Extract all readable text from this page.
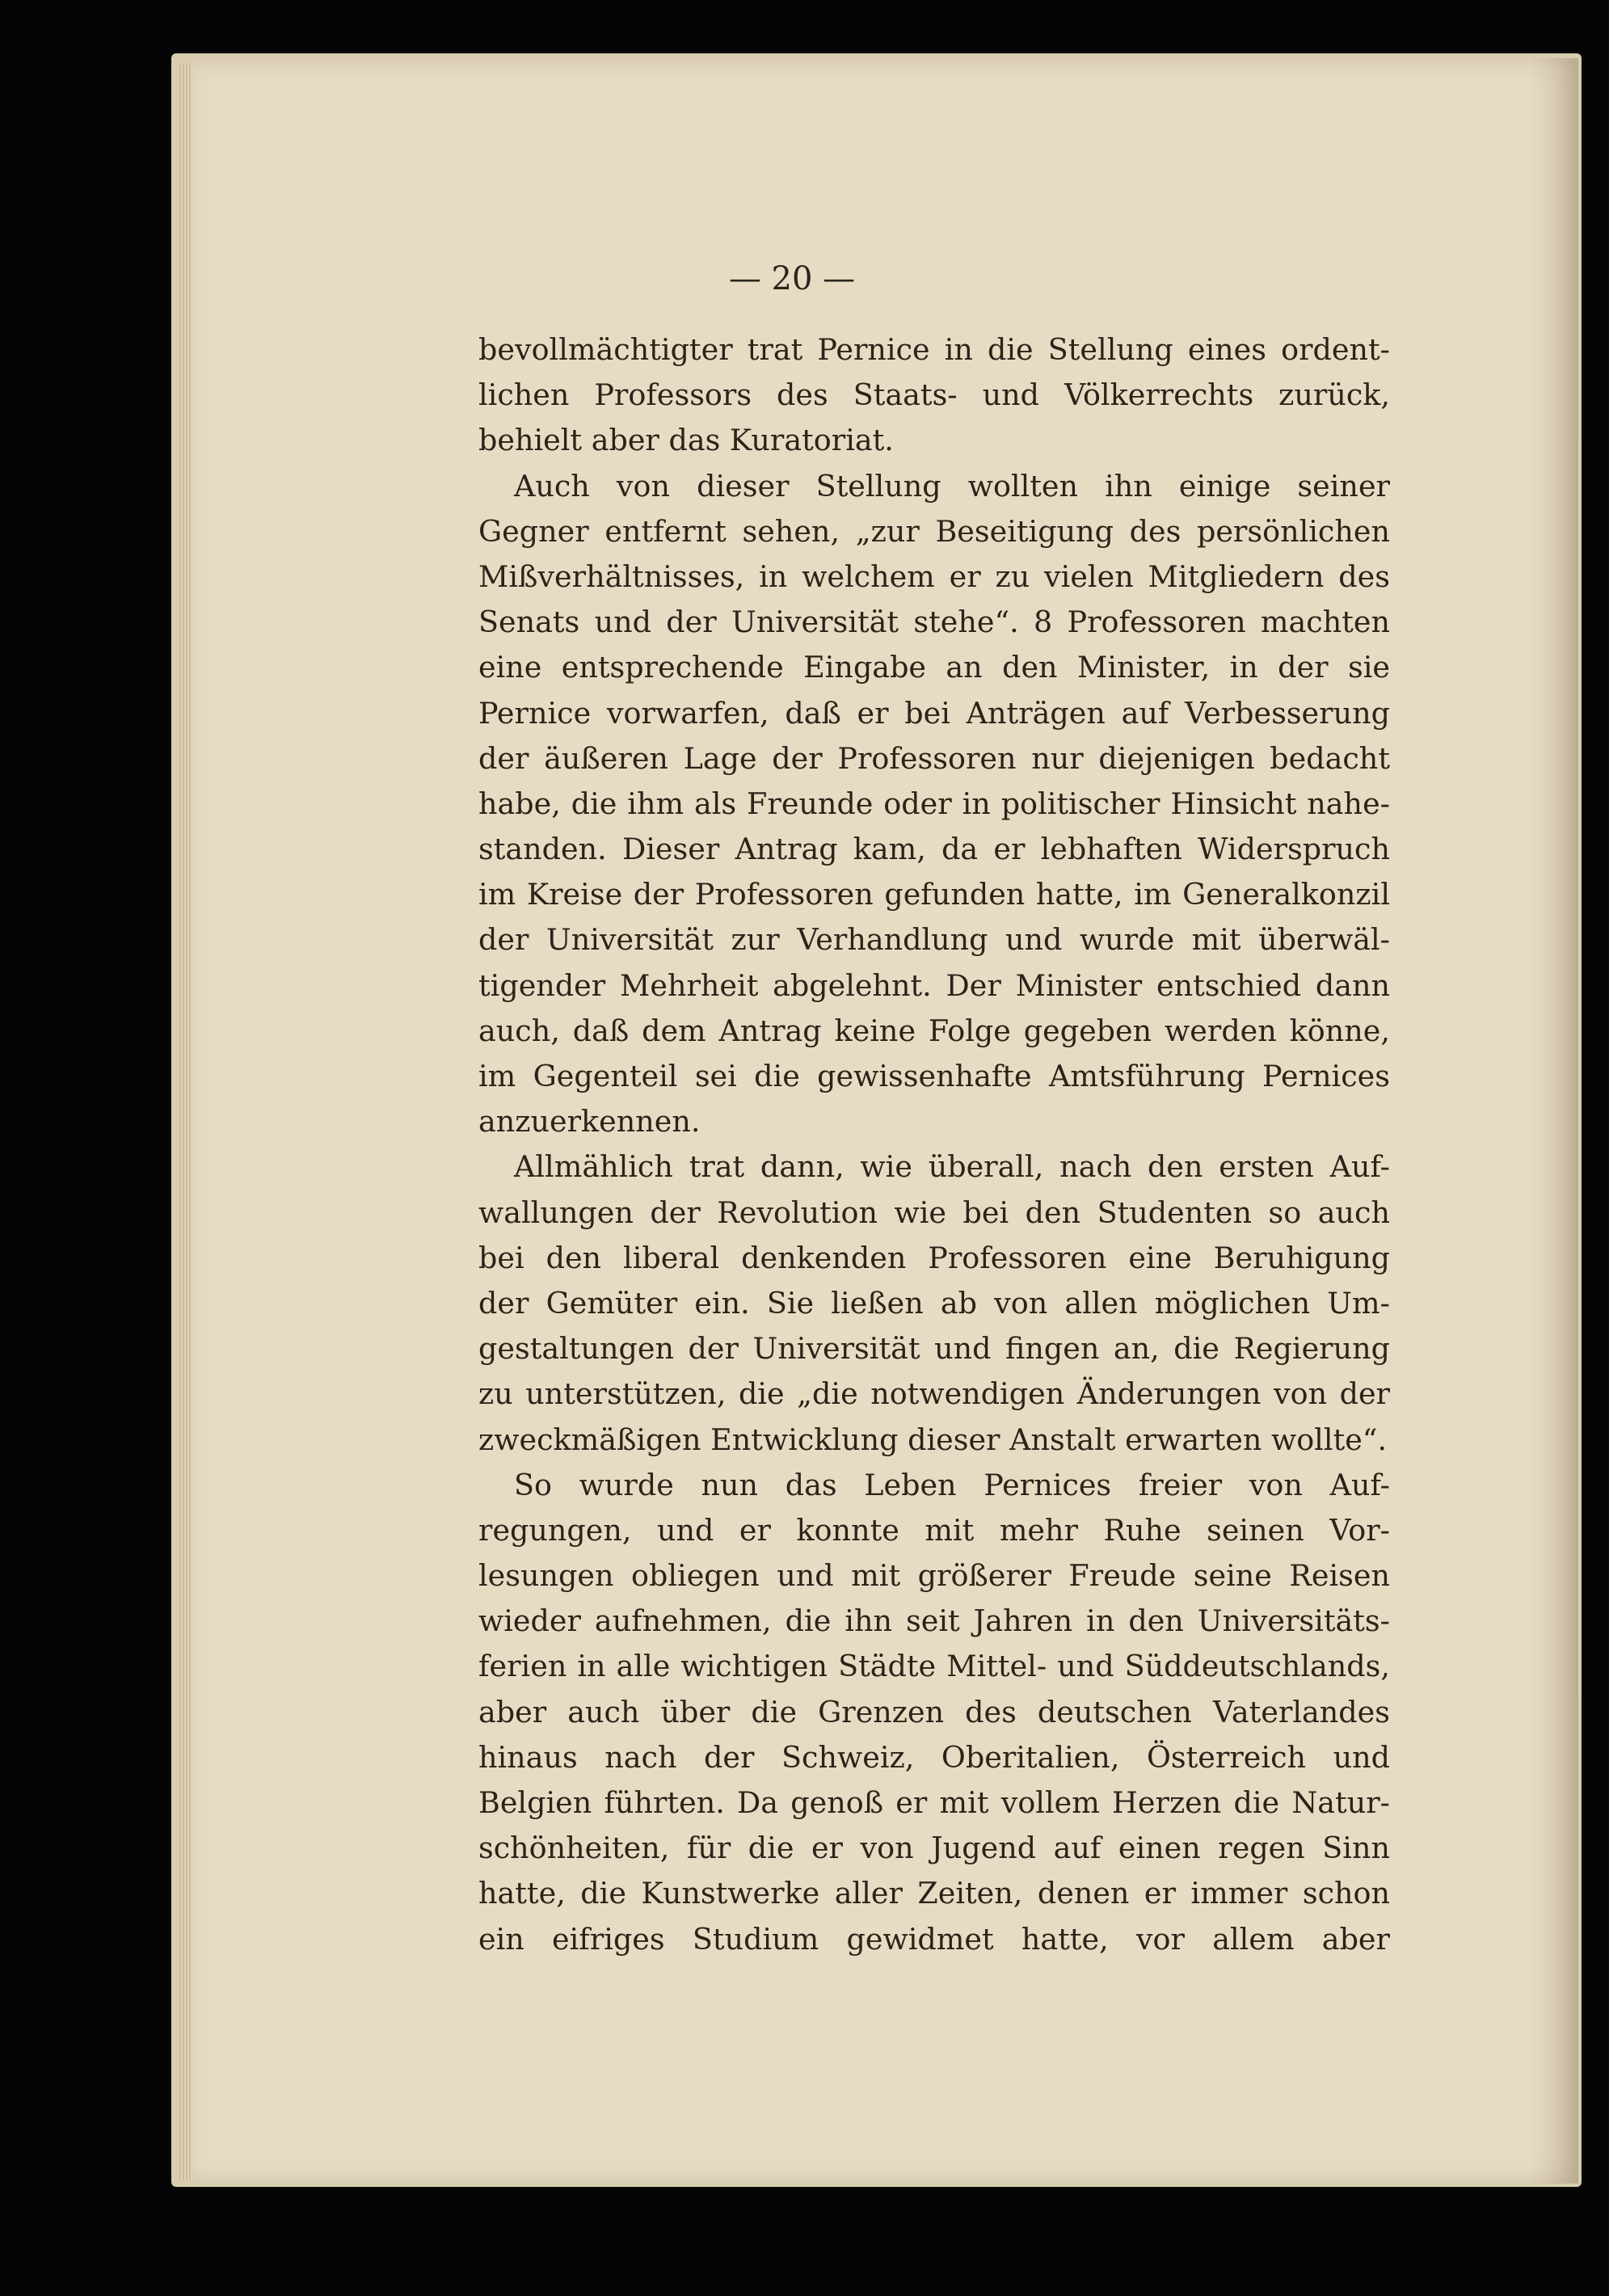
— 20 —
bevollmächtigter trat Pernice in die Stellung eines ordent-
lichen Professors des Staats- und Völkerrechts zurück,
behielt aber das Kuratoriat.
Auch von dieser Stellung wollten ihn einige seiner
Gegner entfernt sehen, „zur Beseitigung des persönlichen
Mißverhältnisses, in welchem er zu vielen Mitgliedern des
Senats und der Universität stehe“. 8 Professoren machten
eine entsprechende Eingabe an den Minister, in der sie
Pernice vorwarfen, daß er bei Anträgen auf Verbesserung
der äußeren Lage der Professoren nur diejenigen bedacht
habe, die ihm als Freunde oder in politischer Hinsicht nahe-
standen. Dieser Antrag kam, da er lebhaften Widerspruch
im Kreise der Professoren gefunden hatte, im Generalkonzil
der Universität zur Verhandlung und wurde mit überwäl-
tigender Mehrheit abgelehnt. Der Minister entschied dann
auch, daß dem Antrag keine Folge gegeben werden könne,
im Gegenteil sei die gewissenhafte Amtsführung Pernices
anzuerkennen.
Allmählich trat dann, wie überall, nach den ersten Auf-
wallungen der Revolution wie bei den Studenten so auch
bei den liberal denkenden Professoren eine Beruhigung
der Gemüter ein. Sie ließen ab von allen möglichen Um-
gestaltungen der Universität und fingen an, die Regierung
zu unterstützen, die „die notwendigen Änderungen von der
zweckmäßigen Entwicklung dieser Anstalt erwarten wollte“.
So wurde nun das Leben Pernices freier von Auf-
regungen, und er konnte mit mehr Ruhe seinen Vor-
lesungen obliegen und mit größerer Freude seine Reisen
wieder aufnehmen, die ihn seit Jahren in den Universitäts-
ferien in alle wichtigen Städte Mittel- und Süddeutschlands,
aber auch über die Grenzen des deutschen Vaterlandes
hinaus nach der Schweiz, Oberitalien, Österreich und
Belgien führten. Da genoß er mit vollem Herzen die Natur-
schönheiten, für die er von Jugend auf einen regen Sinn
hatte, die Kunstwerke aller Zeiten, denen er immer schon
ein eifriges Studium gewidmet hatte, vor allem aber
